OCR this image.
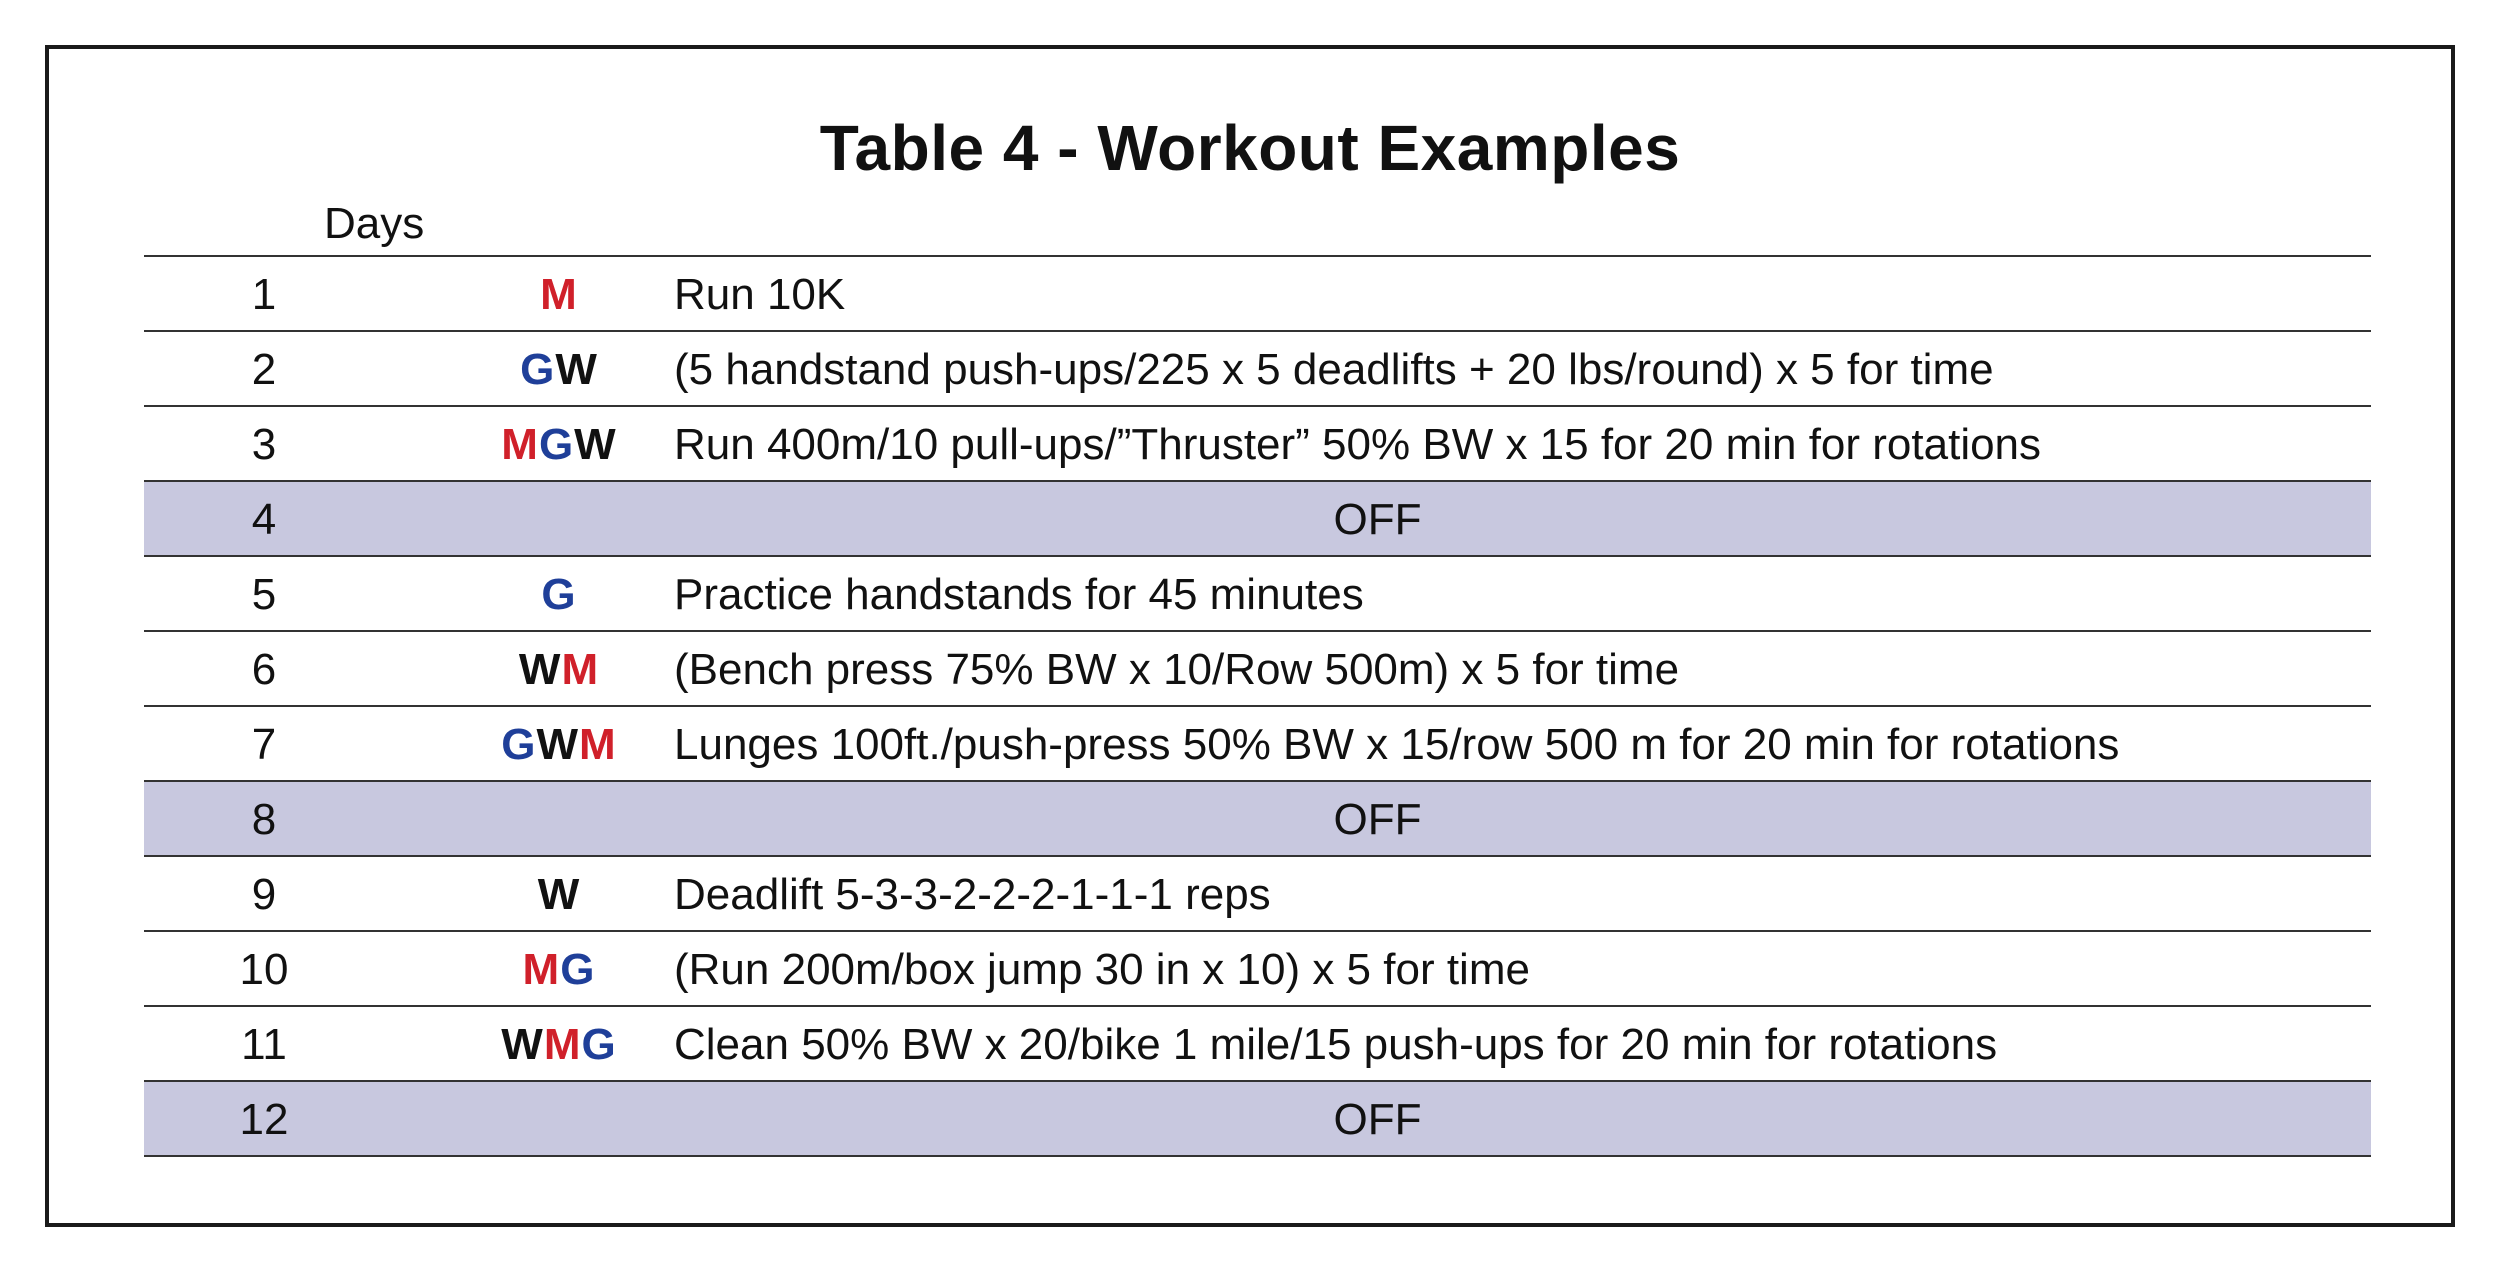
Table 4 - Workout Examples
Days
1	M	Run 10K
2	GW	(5 handstand push-ups/225 x 5 deadlifts + 20 lbs/round) x 5 for time
3	MGW	Run 400m/10 pull-ups/”Thruster” 50% BW x 15 for 20 min for rotations
4	OFF
5	G	Practice handstands for 45 minutes
6	WM	(Bench press 75% BW x 10/Row 500m) x 5 for time
7	GWM	Lunges 100ft./push-press 50% BW x 15/row 500 m for 20 min for rotations
8	OFF
9	W	Deadlift 5-3-3-2-2-2-1-1-1 reps
10	MG	(Run 200m/box jump 30 in x 10) x 5 for time
11	WMG	Clean 50% BW x 20/bike 1 mile/15 push-ups for 20 min for rotations
12	OFF
